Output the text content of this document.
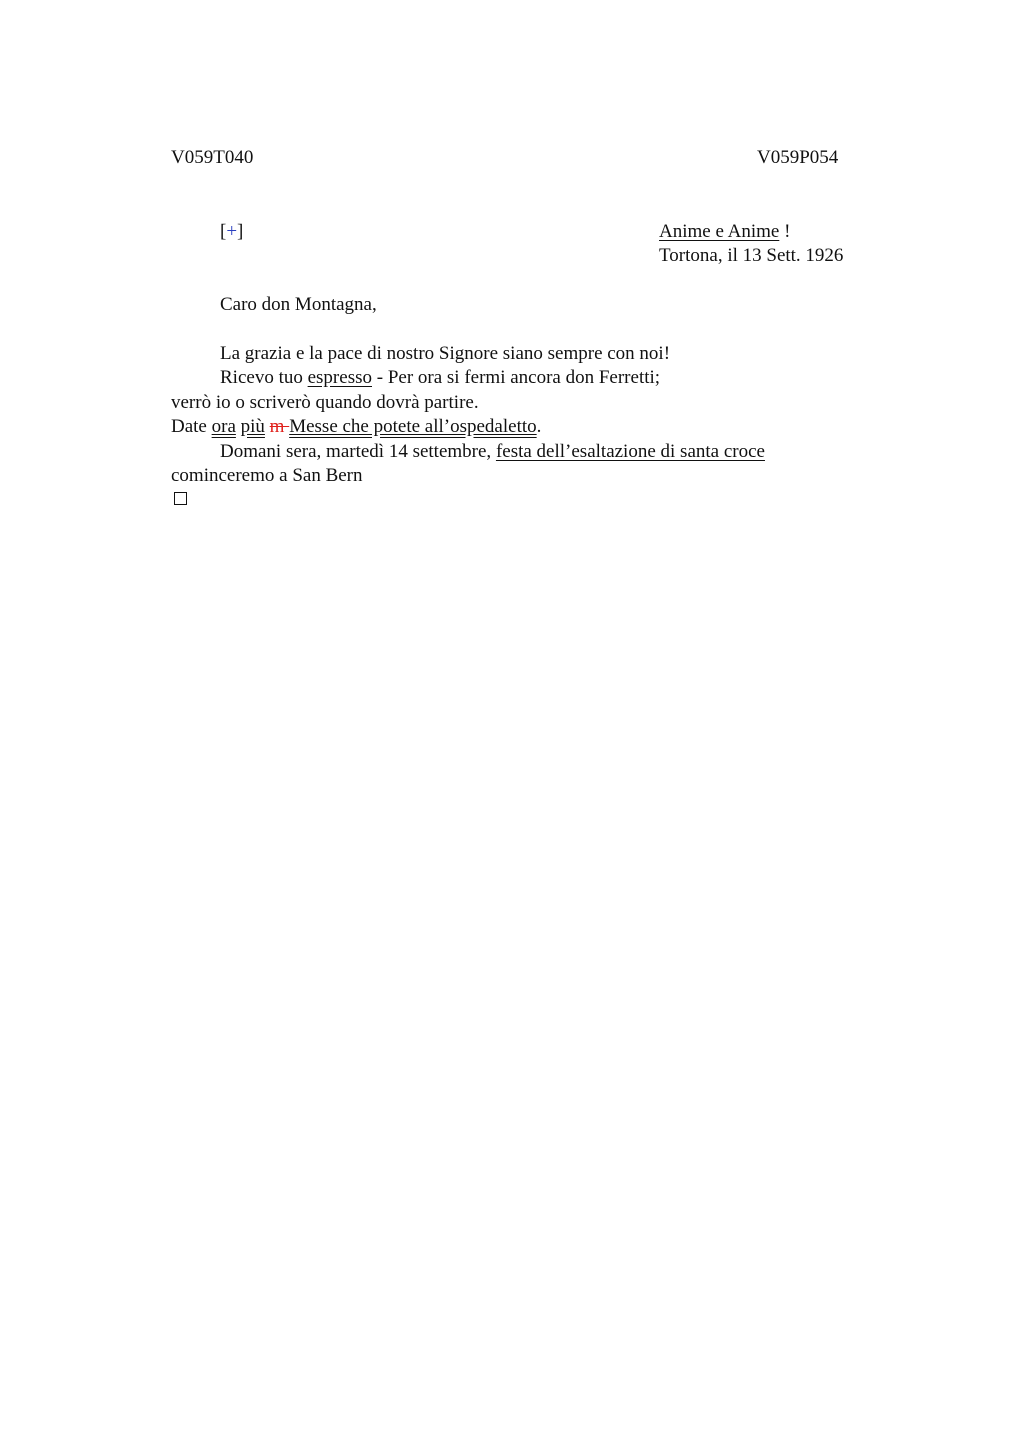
V059T040	V059P054
[+]	Anime e Anime !
Tortona, il 13 Sett. 1926
Caro don Montagna,
La grazia e la pace di nostro Signore siano sempre con noi!
Ricevo tuo espresso - Per ora si fermi ancora don Ferretti;
verrò io o scriverò quando dovrà partire.
Date ora più m Messe che potete all’ospedaletto.
Domani sera, martedì 14 settembre, festa dell’esaltazione di santa croce
cominceremo a San Bern
